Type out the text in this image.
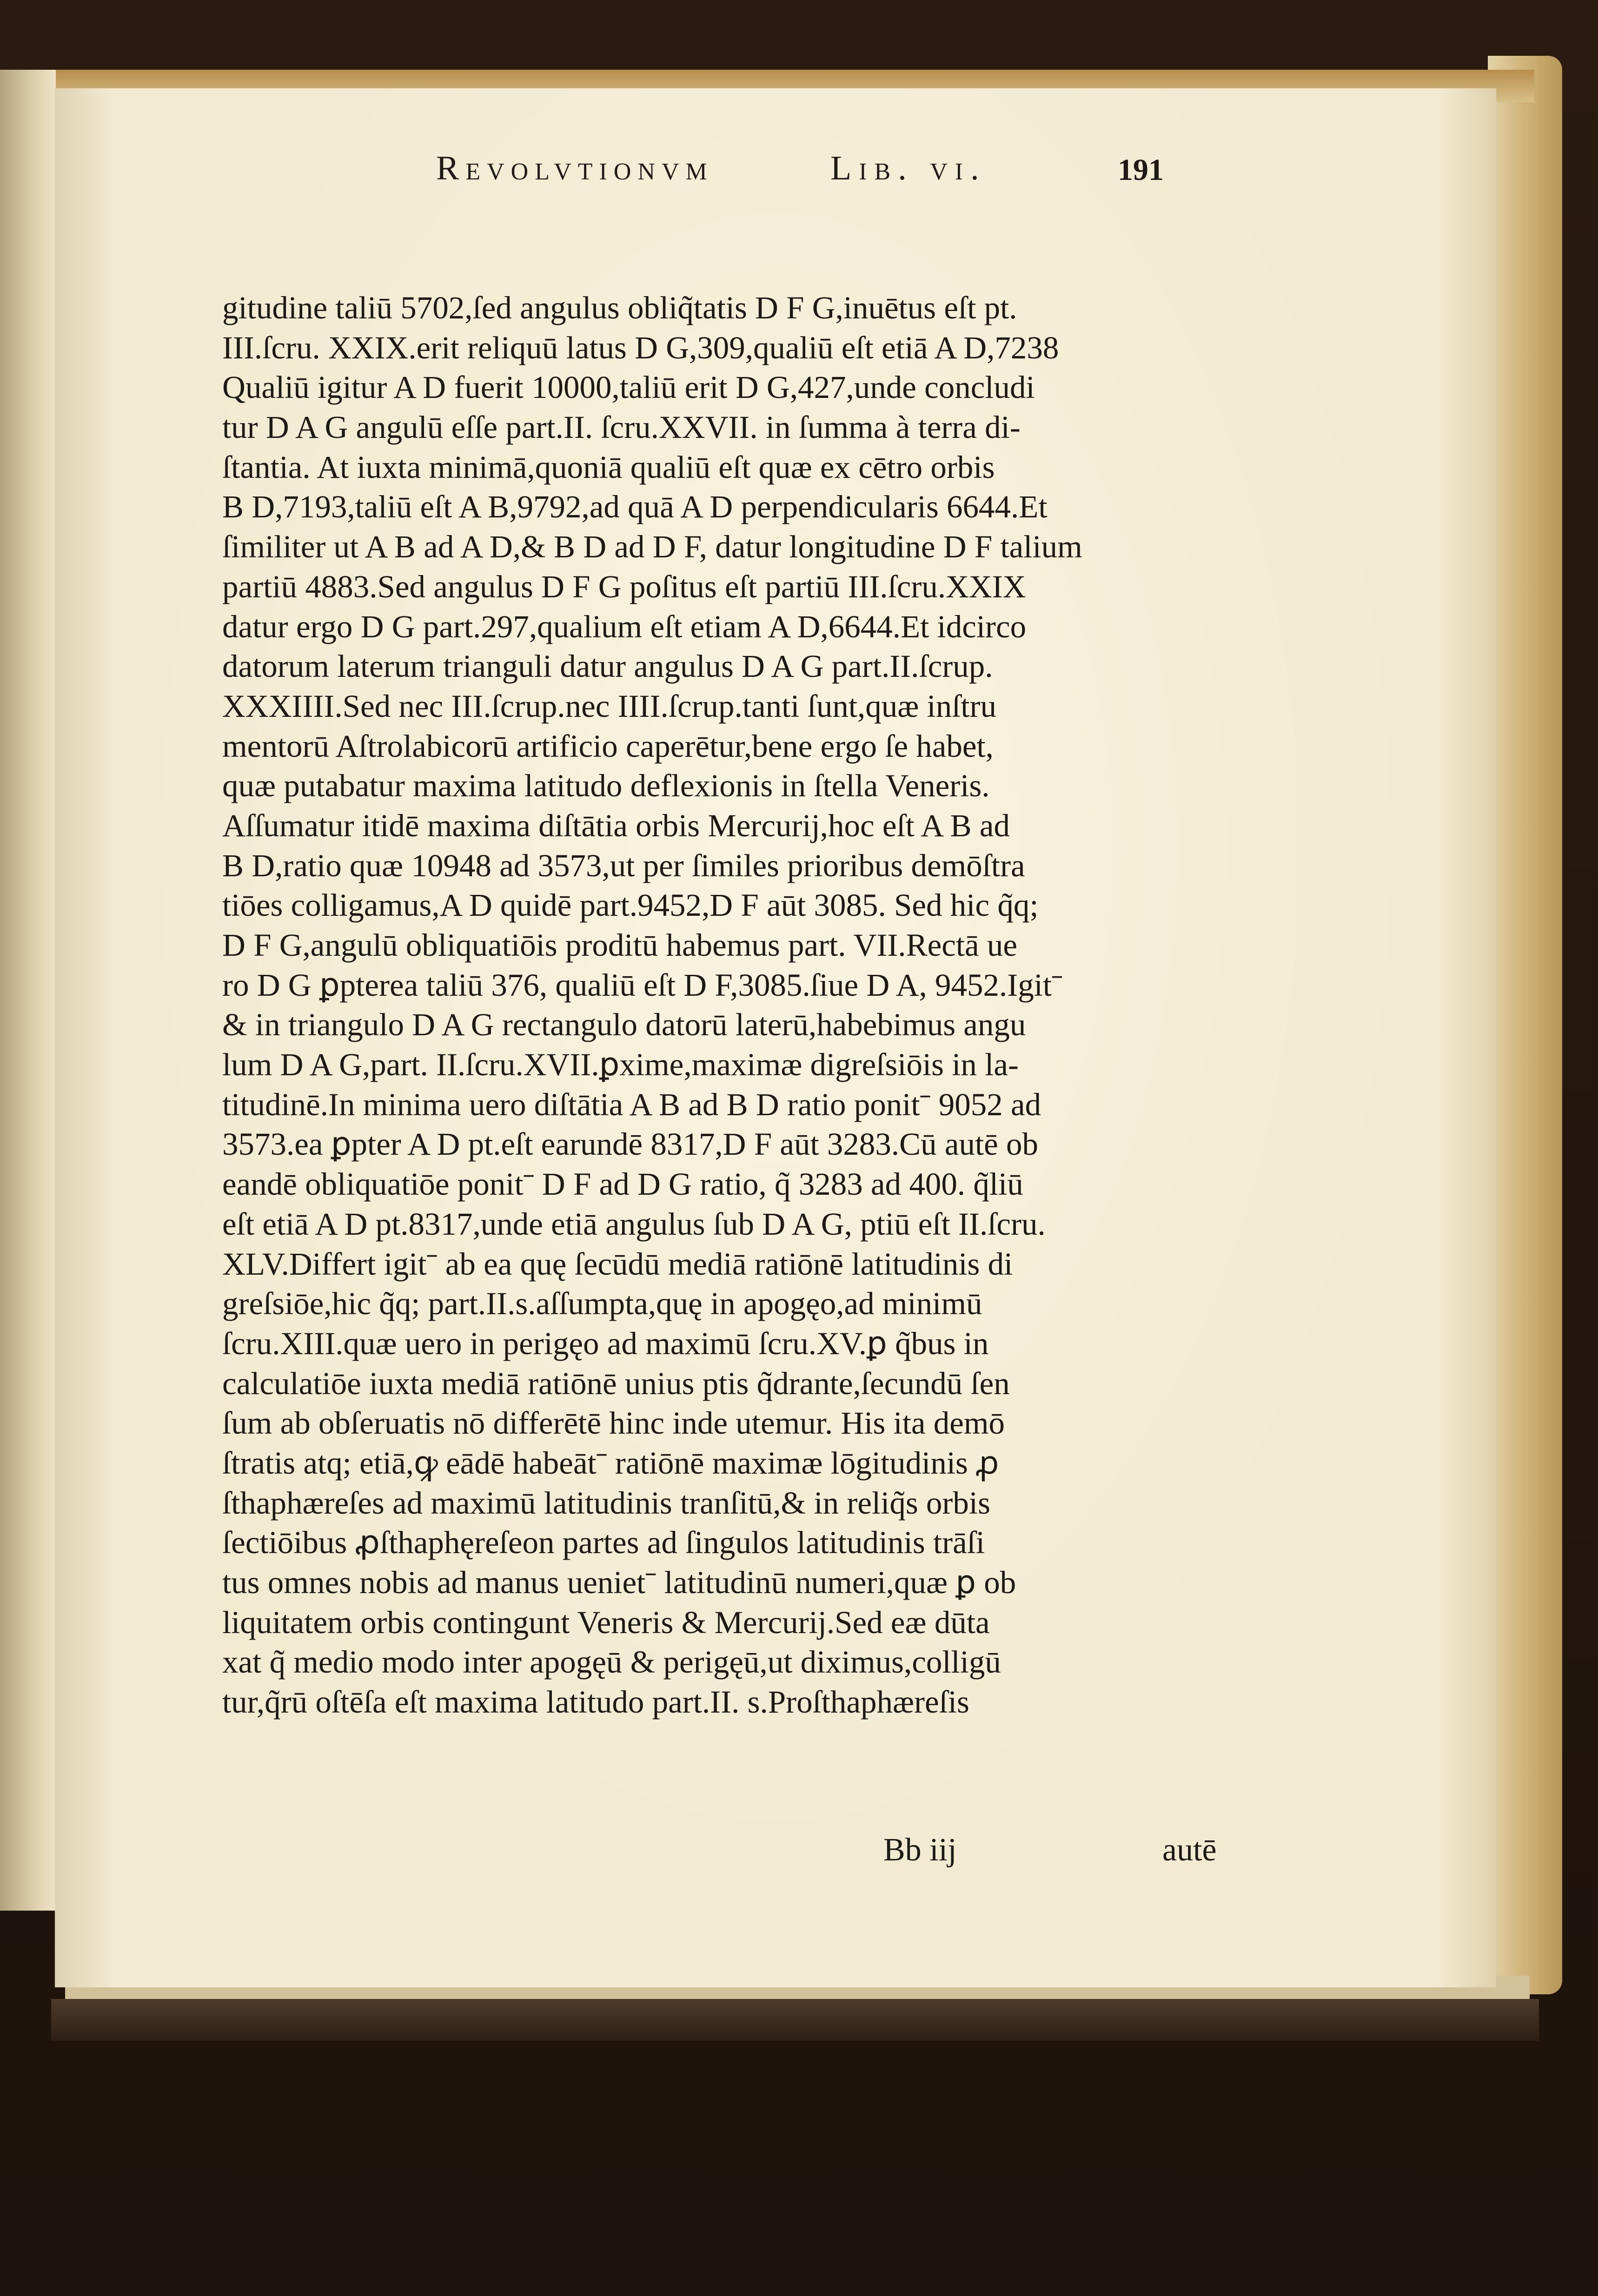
Revolvtionvm	Lib. vi.	191
gitudine taliū 5702,ſed angulus obliq̃tatis D F G,inuētus eſt pt.
III.ſcru. XXIX.erit reliquū latus D G,309,qualiū eſt etiā A D,7238
Qualiū igitur A D fuerit 10000,taliū erit D G,427,unde concludi
tur D A G angulū eſſe part.II. ſcru.XXVII. in ſumma à terra di-
ſtantia. At iuxta minimā,quoniā qualiū eſt quæ ex cētro orbis
B D,7193,taliū eſt A B,9792,ad quā A D perpendicularis 6644.Et
ſimiliter ut A B ad A D,& B D ad D F, datur longitudine D F talium
partiū 4883.Sed angulus D F G poſitus eſt partiū III.ſcru.XXIX
datur ergo D G part.297,qualium eſt etiam A D,6644.Et idcirco
datorum laterum trianguli datur angulus D A G part.II.ſcrup.
XXXIIII.Sed nec III.ſcrup.nec IIII.ſcrup.tanti ſunt,quæ inſtru
mentorū Aſtrolabicorū artificio caperētur,bene ergo ſe habet,
quæ putabatur maxima latitudo deflexionis in ſtella Veneris.
Aſſumatur itidē maxima diſtātia orbis Mercurij,hoc eſt A B ad
B D,ratio quæ 10948 ad 3573,ut per ſimiles prioribus demōſtra
tiōes colligamus,A D quidē part.9452,D F aūt 3085. Sed hic q̃q;
D F G,angulū obliquatiōis proditū habemus part. VII.Rectā ue
ro D G ꝑpterea taliū 376, qualiū eſt D F,3085.ſiue D A, 9452.Igitˉ
& in triangulo D A G rectangulo datorū laterū,habebimus angu
lum D A G,part. II.ſcru.XVII.ꝑxime,maximæ digreſsiōis in la-
titudinē.In minima uero diſtātia A B ad B D ratio ponitˉ 9052 ad
3573.ea ꝑpter A D pt.eſt earundē 8317,D F aūt 3283.Cū autē ob
eandē obliquatiōe ponitˉ D F ad D G ratio, q̃ 3283 ad 400. q̃liū
eſt etiā A D pt.8317,unde etiā angulus ſub D A G, ptiū eſt II.ſcru.
XLV.Differt igitˉ ab ea quę ſecūdū mediā ratiōnē latitudinis di
greſsiōe,hic q̃q; part.II.s.aſſumpta,quę in apogęo,ad minimū
ſcru.XIII.quæ uero in perigęo ad maximū ſcru.XV.ꝑ q̃bus in
calculatiōe iuxta mediā ratiōnē unius ptis q̃drante,ſecundū ſen
ſum ab obſeruatis nō differētē hinc inde utemur. His ita demō
ſtratis atq; etiā,ꝙ eādē habeātˉ ratiōnē maximæ lōgitudinis ꝓ
ſthaphæreſes ad maximū latitudinis tranſitū,& in reliq̃s orbis
ſectiōibus ꝓſthaphęreſeon partes ad ſingulos latitudinis trāſi
tus omnes nobis ad manus uenietˉ latitudinū numeri,quæ ꝑ ob
liquitatem orbis contingunt Veneris & Mercurij.Sed eæ dūta
xat q̃ medio modo inter apogęū & perigęū,ut diximus,colligū
tur,q̃rū oſtēſa eſt maxima latitudo part.II. s.Proſthaphæreſis
Bb iij	autē
